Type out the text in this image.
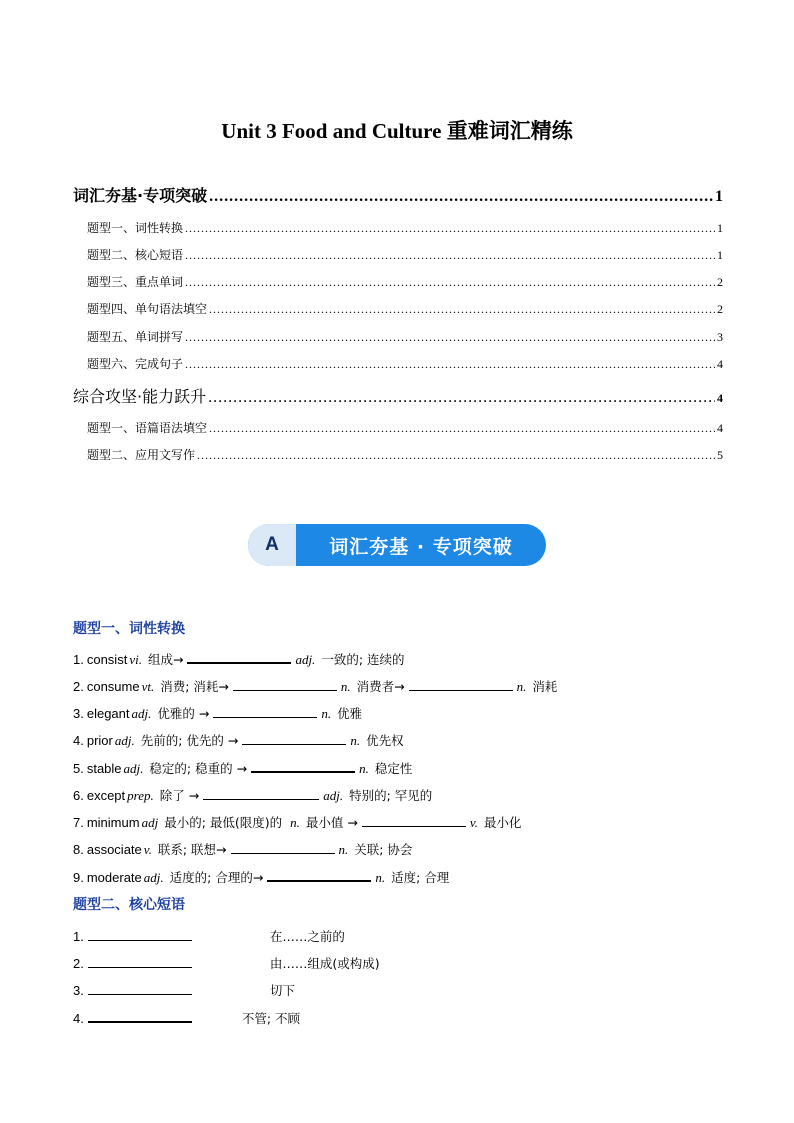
Unit 3 Food and Culture 重难词汇精练
词汇夯基·专项突破 .....	1
题型一、词性转换 .....	1
题型二、核心短语 .....	1
题型三、重点单词 .....	2
题型四、单句语法填空 .....	2
题型五、单词拼写 .....	3
题型六、完成句子 .....	4
综合攻坚·能力跃升 .....	4
题型一、语篇语法填空 .....	4
题型二、应用文写作 .....	5
A	词汇夯基 · 专项突破
题型一、词性转换
1. consist vi. 组成→	adj. 一致的; 连续的
2. consume vt. 消费; 消耗→	n. 消费者→	n. 消耗
3. elegant adj. 优雅的 →	n. 优雅
4. prior adj. 先前的; 优先的 →	n. 优先权
5. stable adj. 稳定的; 稳重的 →	n. 稳定性
6. except prep. 除了 →	adj. 特别的; 罕见的
7. minimum adj 最小的; 最低(限度)的 n. 最小值 →	v. 最小化
8. associate v. 联系; 联想→	n. 关联; 协会
9. moderate adj. 适度的; 合理的→	n. 适度; 合理
题型二、核心短语
1.	在……之前的
2.	由……组成(或构成)
3.	切下
4.	不管; 不顾
